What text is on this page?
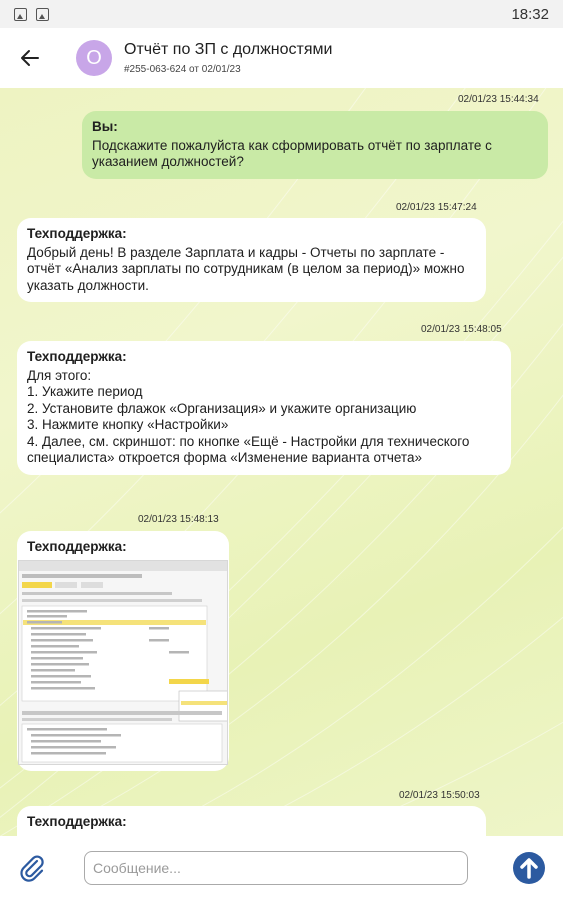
18:32
О	Отчёт по ЗП с должностями
#255-063-624 от 02/01/23
02/01/23 15:44:34
Вы:
Подскажите пожалуйста как сформировать отчёт по зарплате с указанием должностей?
02/01/23 15:47:24
Техподдержка:
Добрый день! В разделе Зарплата и кадры - Отчеты по зарплате - отчёт «Анализ зарплаты по сотрудникам (в целом за период)» можно указать должности.
02/01/23 15:48:05
Техподдержка:
Для этого:
1. Укажите период
2. Установите флажок «Организация» и укажите организацию
3. Нажмите кнопку «Настройки»
4. Далее, см. скриншот: по кнопке «Ещё - Настройки для технического специалиста» откроется форма «Изменение варианта отчета»
02/01/23 15:48:13
Техподдержка:
02/01/23 15:50:03
Техподдержка:
Сообщение...
